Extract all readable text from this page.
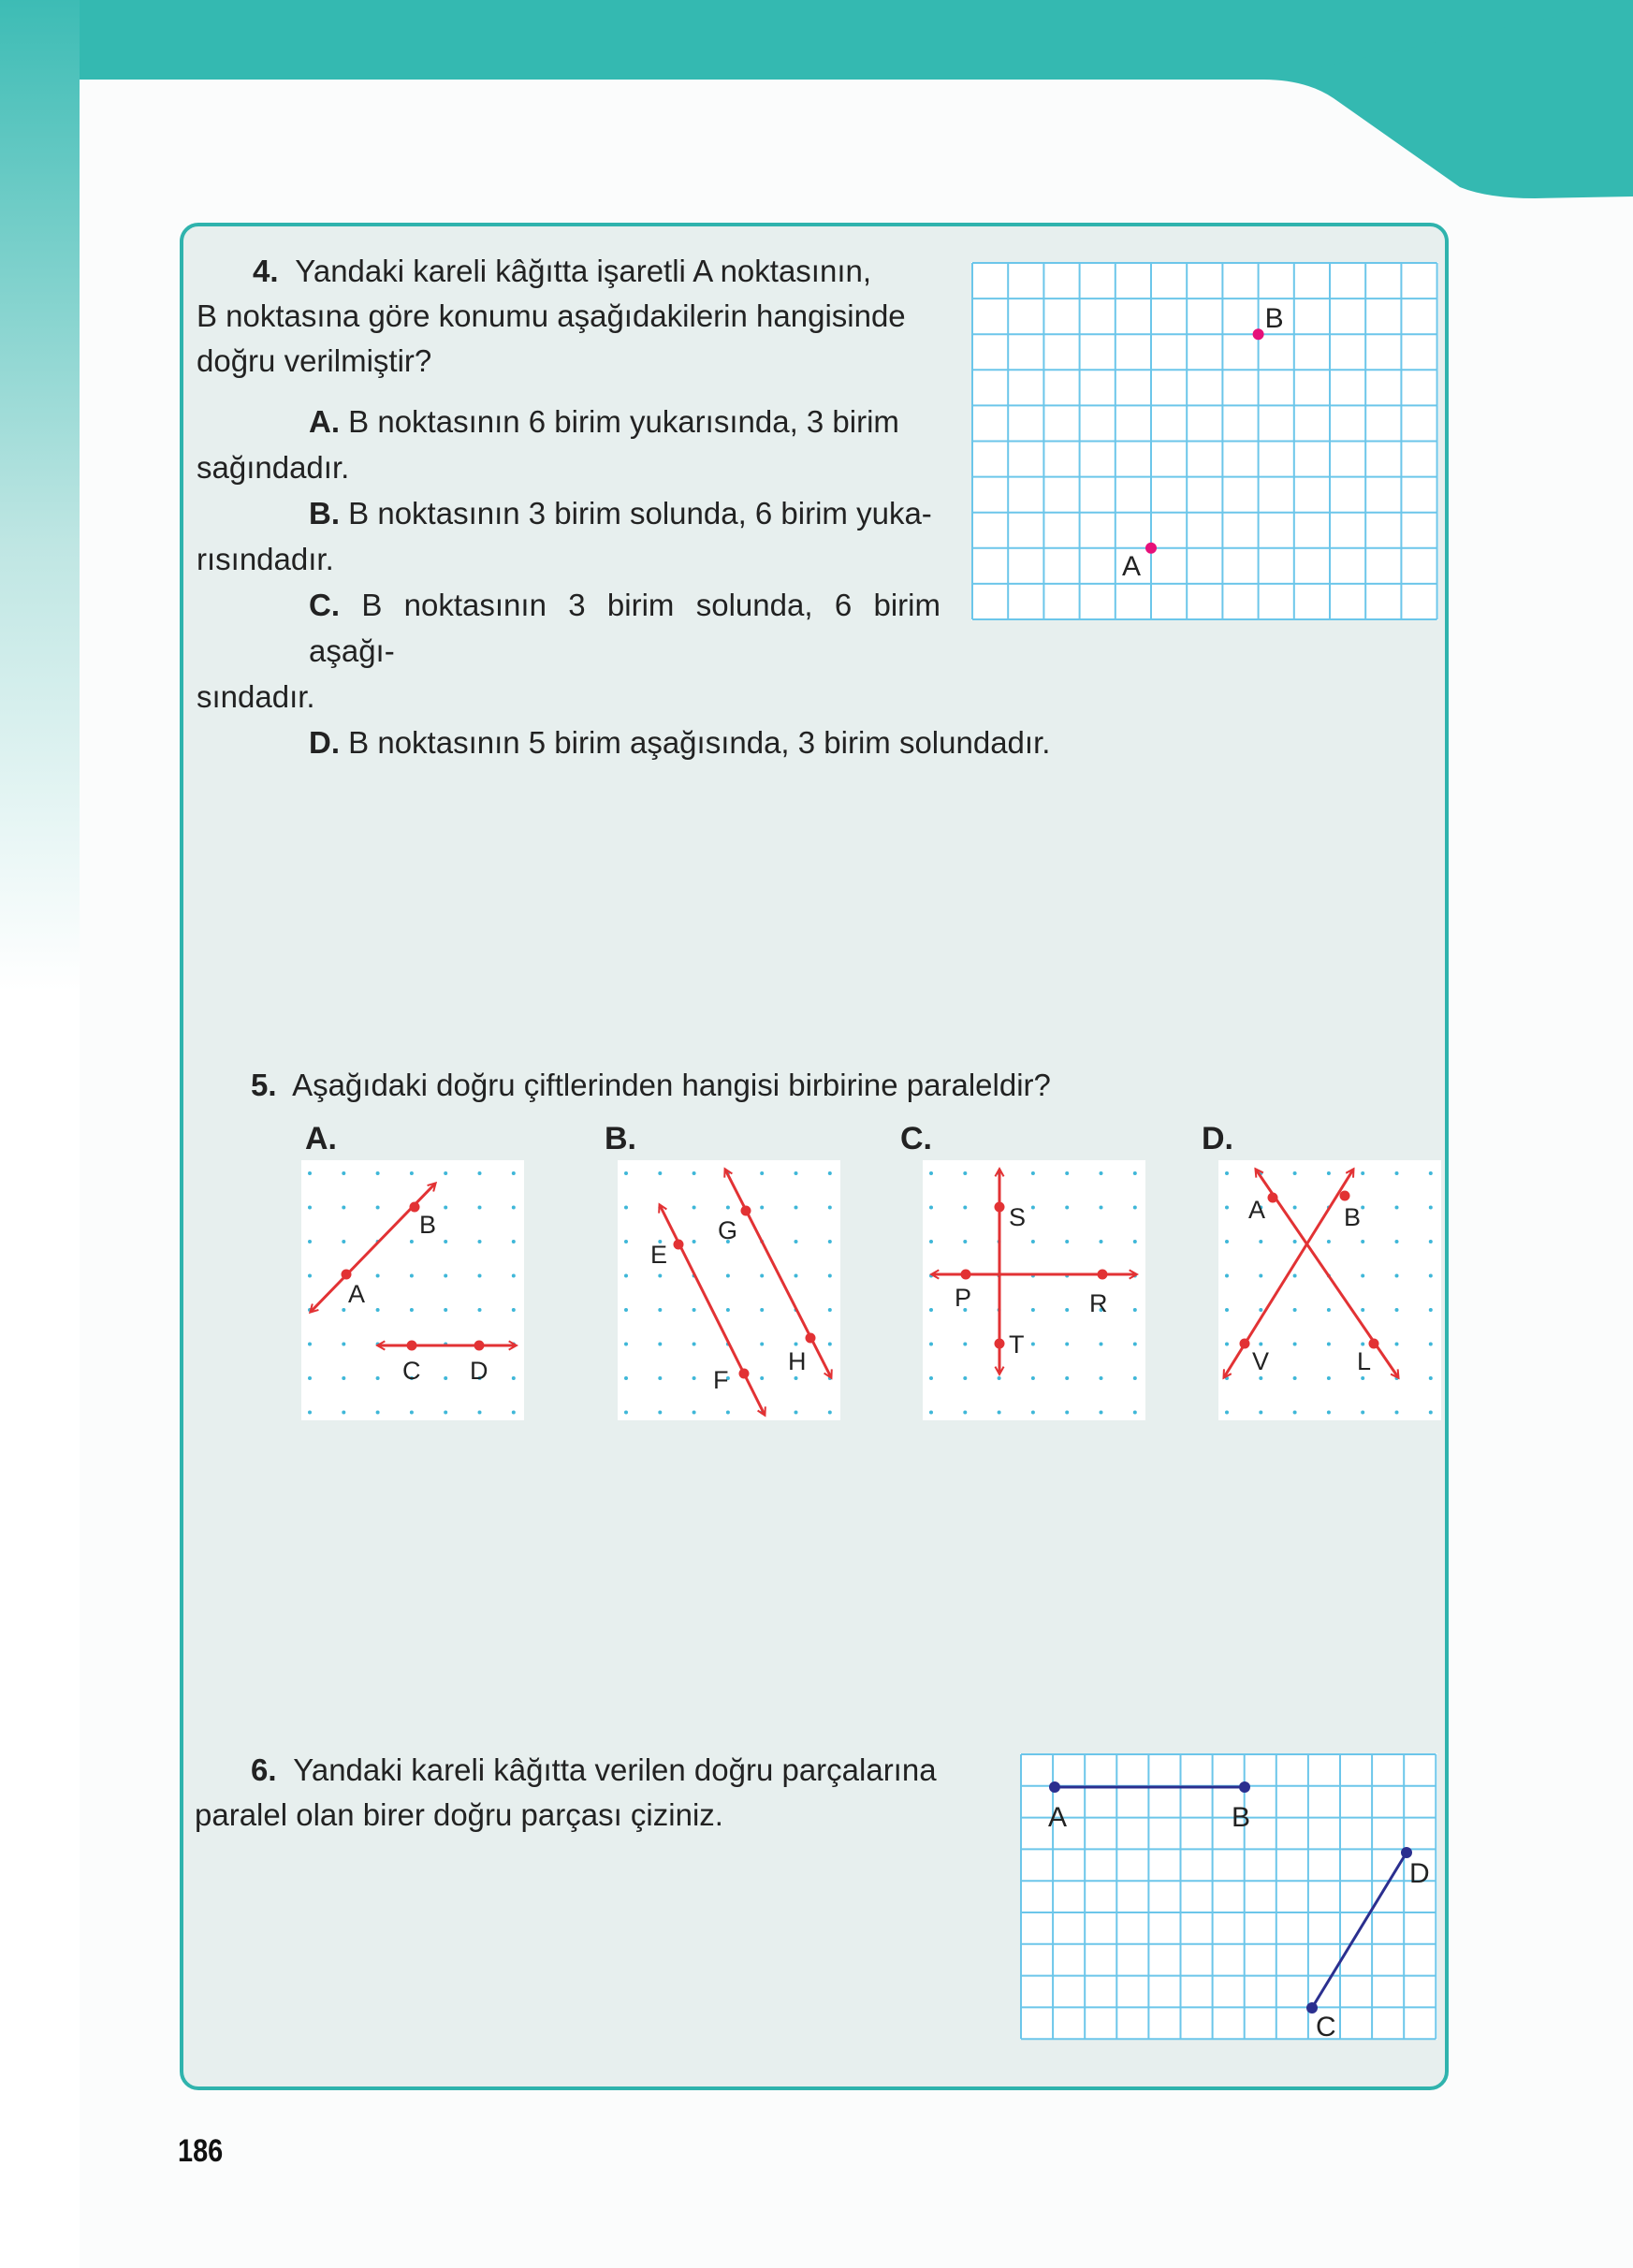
4. Yandaki kareli kâğıtta işaretli A noktasının,
B noktasına göre konumu aşağıdakilerin hangisinde
doğru verilmiştir?
A. B noktasının 6 birim yukarısında, 3 birim
sağındadır.
B. B noktasının 3 birim solunda, 6 birim yuka-
rısındadır.
C. B noktasının 3 birim solunda, 6 birim aşağı-
sındadır.
D. B noktasının 5 birim aşağısında, 3 birim solundadır.
B
A
5. Aşağıdaki doğru çiftlerinden hangisi birbirine paraleldir?
A.	B.	C.	D.
B
A
C D
E
G
F
H
S
P	R
T
A	B
V	L
6. Yandaki kareli kâğıtta verilen doğru parçalarına
paralel olan birer doğru parçası çiziniz.	A	B
C
D
186
